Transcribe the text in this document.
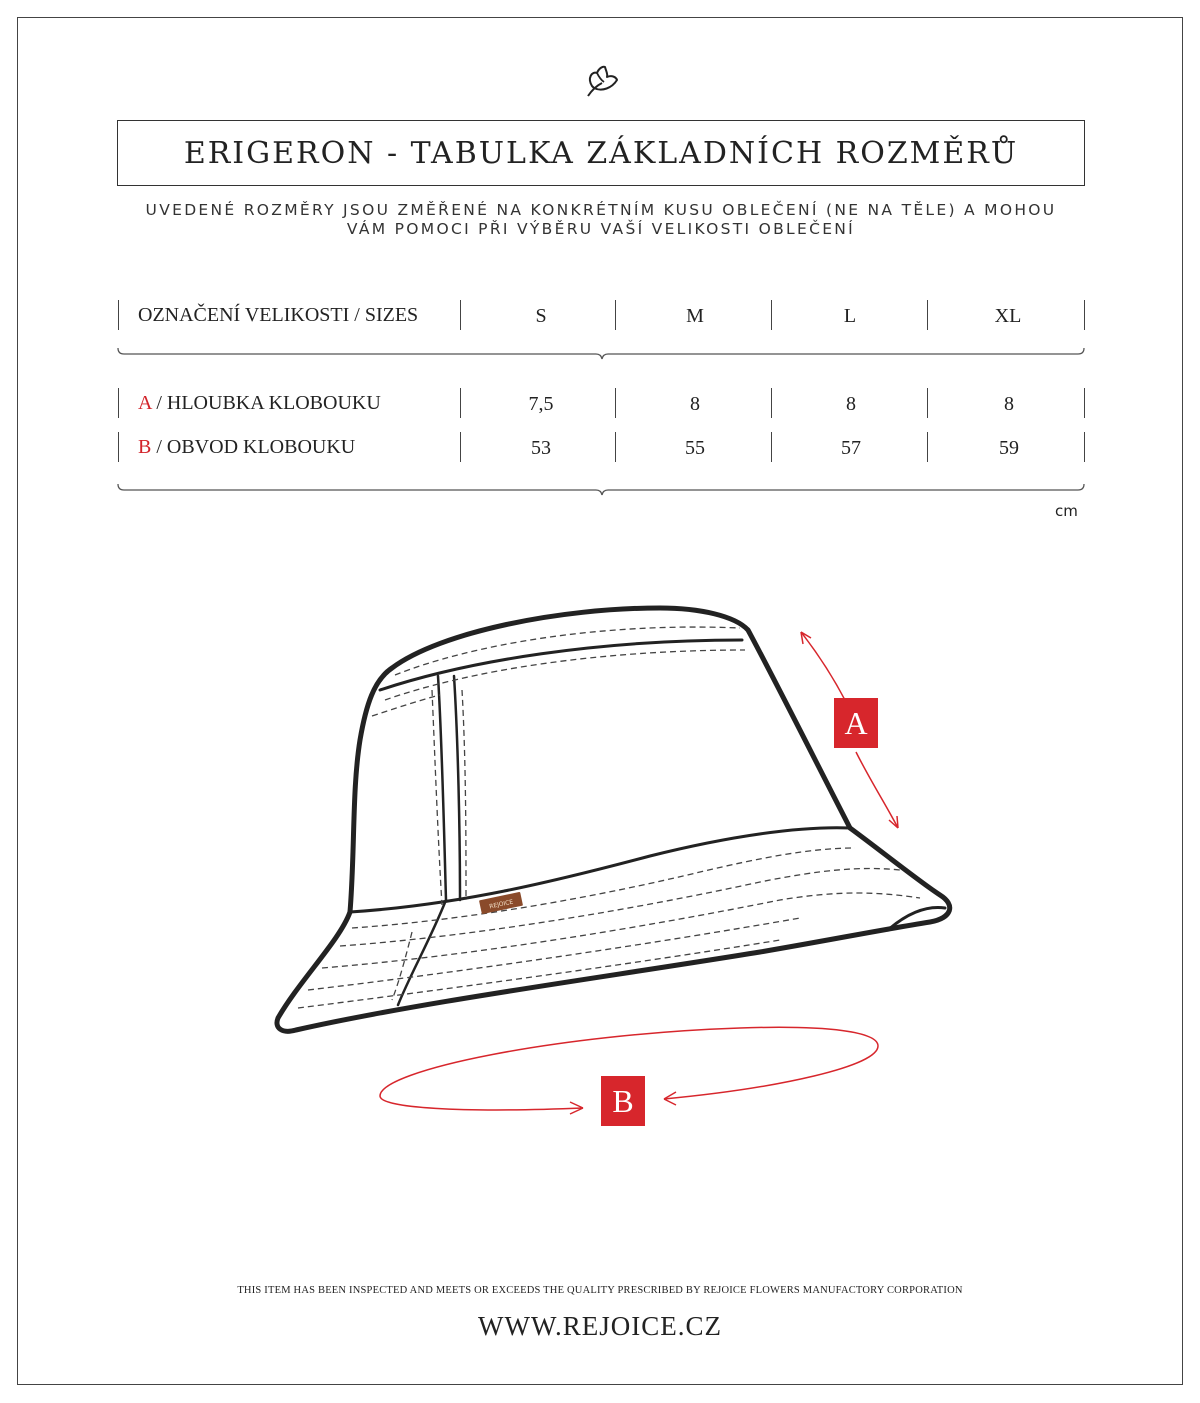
ERIGERON - TABULKA ZÁKLADNÍCH ROZMĚRŮ
UVEDENÉ ROZMĚRY JSOU ZMĚŘENÉ NA KONKRÉTNÍM KUSU OBLEČENÍ (NE NA TĚLE) A MOHOU
VÁM POMOCI PŘI VÝBĚRU VAŠÍ VELIKOSTI OBLEČENÍ
OZNAČENÍ VELIKOSTI / SIZES	S	M	L	XL
A / HLOUBKA KLOBOUKU	7,5	8	8	8
B / OBVOD KLOBOUKU	53	55	57	59
cm
REJOICE
A
B
THIS ITEM HAS BEEN INSPECTED AND MEETS OR EXCEEDS THE QUALITY PRESCRIBED BY REJOICE FLOWERS MANUFACTORY CORPORATION
WWW.REJOICE.CZ
